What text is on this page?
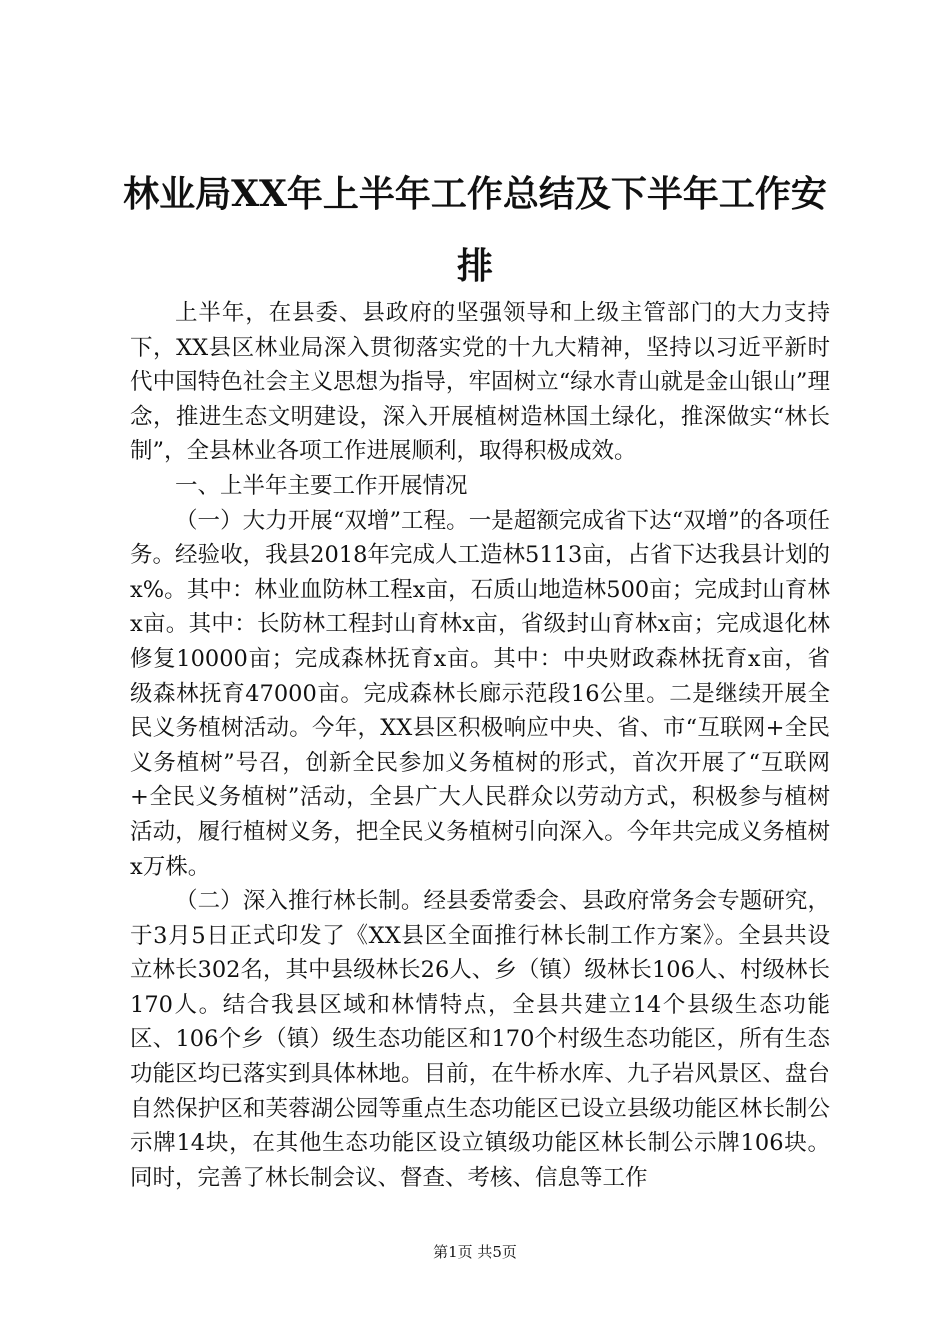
林业局XX年上半年工作总结及下半年工作安排

上半年，在县委、县政府的坚强领导和上级主管部门的大力支持下，XX县区林业局深入贯彻落实党的十九大精神，坚持以习近平新时代中国特色社会主义思想为指导，牢固树立“绿水青山就是金山银山”理念，推进生态文明建设，深入开展植树造林国土绿化，推深做实“林长制”，全县林业各项工作进展顺利，取得积极成效。

一、上半年主要工作开展情况

（一）大力开展“双增”工程。一是超额完成省下达“双增”的各项任务。经验收，我县2018年完成人工造林5113亩，占省下达我县计划的x%。其中：林业血防林工程x亩，石质山地造林500亩；完成封山育林x亩。其中：长防林工程封山育林x亩，省级封山育林x亩；完成退化林修复10000亩；完成森林抚育x亩。其中：中央财政森林抚育x亩，省级森林抚育47000亩。完成森林长廊示范段16公里。二是继续开展全民义务植树活动。今年，XX县区积极响应中央、省、市“互联网+全民义务植树”号召，创新全民参加义务植树的形式，首次开展了“互联网+全民义务植树”活动，全县广大人民群众以劳动方式，积极参与植树活动，履行植树义务，把全民义务植树引向深入。今年共完成义务植树x万株。

（二）深入推行林长制。经县委常委会、县政府常务会专题研究，于3月5日正式印发了《XX县区全面推行林长制工作方案》。全县共设立林长302名，其中县级林长26人、乡（镇）级林长106人、村级林长170人。结合我县区域和林情特点，全县共建立14个县级生态功能区、106个乡（镇）级生态功能区和170个村级生态功能区，所有生态功能区均已落实到具体林地。目前，在牛桥水库、九子岩风景区、盘台自然保护区和芙蓉湖公园等重点生态功能区已设立县级功能区林长制公示牌14块，在其他生态功能区设立镇级功能区林长制公示牌106块。同时，完善了林长制会议、督查、考核、信息等工作

第1页 共5页
